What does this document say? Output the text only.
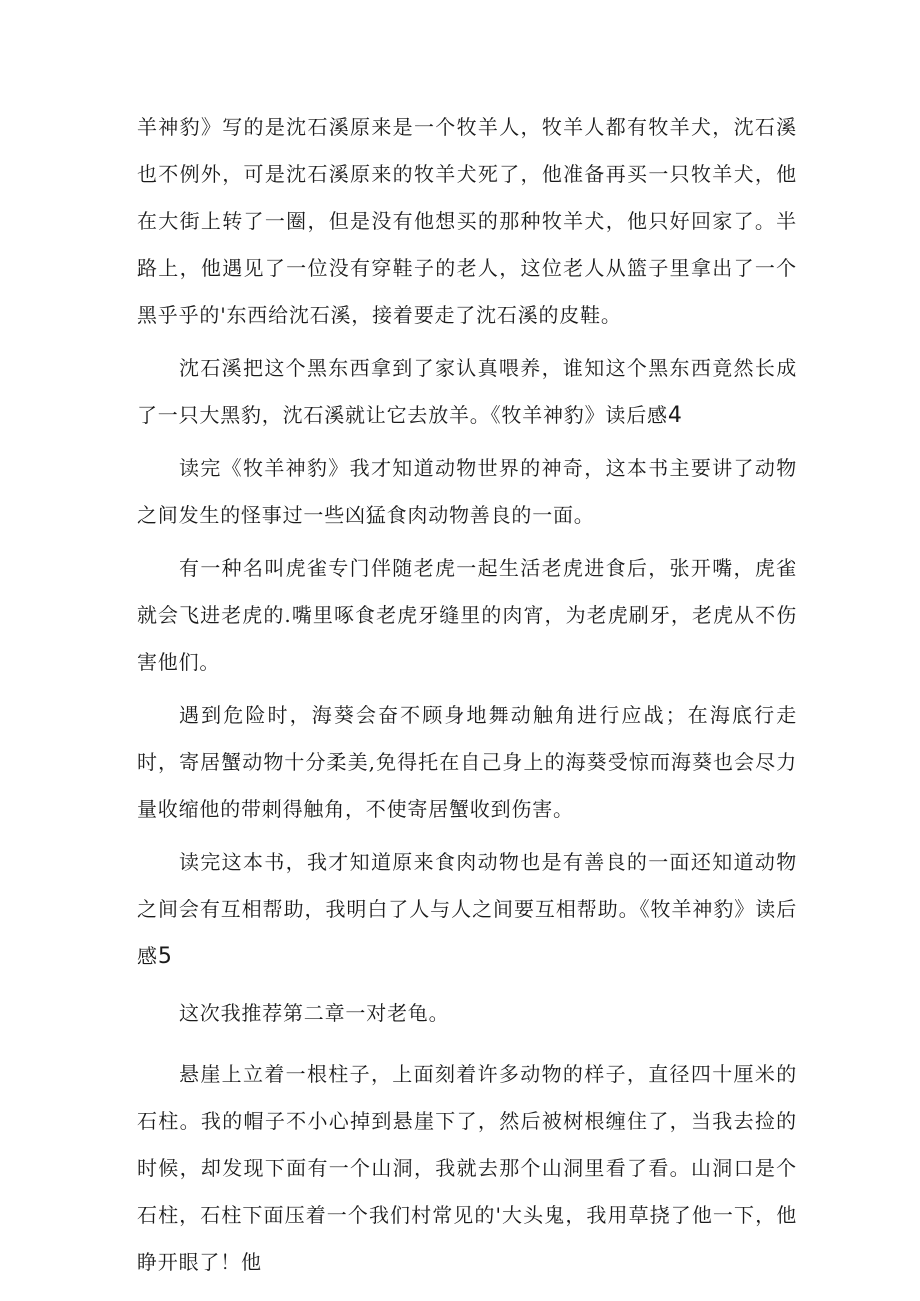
羊神豹》写的是沈石溪原来是一个牧羊人，牧羊人都有牧羊犬，沈石溪也不例外，可是沈石溪原来的牧羊犬死了，他准备再买一只牧羊犬，他在大街上转了一圈，但是没有他想买的那种牧羊犬，他只好回家了。半路上，他遇见了一位没有穿鞋子的老人，这位老人从篮子里拿出了一个黑乎乎的'东西给沈石溪，接着要走了沈石溪的皮鞋。

沈石溪把这个黑东西拿到了家认真喂养，谁知这个黑东西竟然长成了一只大黑豹，沈石溪就让它去放羊。《牧羊神豹》读后感4

读完《牧羊神豹》我才知道动物世界的神奇，这本书主要讲了动物之间发生的怪事过一些凶猛食肉动物善良的一面。

有一种名叫虎雀专门伴随老虎一起生活老虎进食后，张开嘴，虎雀就会飞进老虎的.嘴里啄食老虎牙缝里的肉宵，为老虎刷牙，老虎从不伤害他们。

遇到危险时，海葵会奋不顾身地舞动触角进行应战；在海底行走时，寄居蟹动物十分柔美,免得托在自己身上的海葵受惊而海葵也会尽力量收缩他的带刺得触角，不使寄居蟹收到伤害。

读完这本书，我才知道原来食肉动物也是有善良的一面还知道动物之间会有互相帮助，我明白了人与人之间要互相帮助。《牧羊神豹》读后感5

这次我推荐第二章一对老龟。

悬崖上立着一根柱子，上面刻着许多动物的样子，直径四十厘米的石柱。我的帽子不小心掉到悬崖下了，然后被树根缠住了，当我去捡的时候，却发现下面有一个山洞，我就去那个山洞里看了看。山洞口是个石柱，石柱下面压着一个我们村常见的'大头鬼，我用草挠了他一下，他睁开眼了！他
